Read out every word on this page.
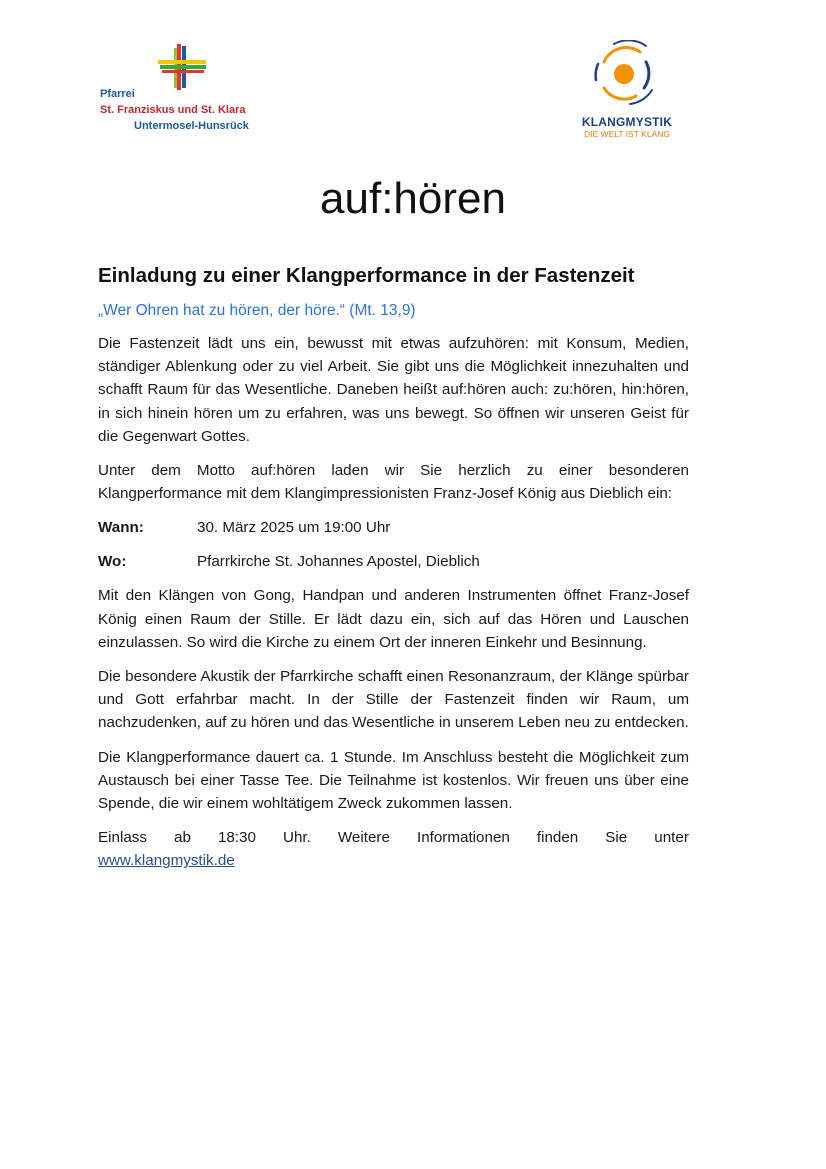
Pfarrei
St. Franziskus und St. Klara
Untermosel-Hunsrück	KLANGMYSTIK
DIE WELT IST KLANG
auf:hören
Einladung zu einer Klangperformance in der Fastenzeit
„Wer Ohren hat zu hören, der höre.“ (Mt. 13,9)

Die Fastenzeit lädt uns ein, bewusst mit etwas aufzuhören: mit Konsum, Medien, ständiger Ablenkung oder zu viel Arbeit. Sie gibt uns die Möglichkeit innezuhalten und schafft Raum für das Wesentliche. Daneben heißt auf:hören auch: zu:hören, hin:hören, in sich hinein hören um zu erfahren, was uns bewegt. So öffnen wir unseren Geist für die Gegenwart Gottes.

Unter dem Motto auf:hören laden wir Sie herzlich zu einer besonderen Klangperformance mit dem Klangimpressionisten Franz-Josef König aus Dieblich ein:

Wann:	30. März 2025 um 19:00 Uhr
Wo:	Pfarrkirche St. Johannes Apostel, Dieblich

Mit den Klängen von Gong, Handpan und anderen Instrumenten öffnet Franz-Josef König einen Raum der Stille. Er lädt dazu ein, sich auf das Hören und Lauschen einzulassen. So wird die Kirche zu einem Ort der inneren Einkehr und Besinnung.

Die besondere Akustik der Pfarrkirche schafft einen Resonanzraum, der Klänge spürbar und Gott erfahrbar macht. In der Stille der Fastenzeit finden wir Raum, um nachzudenken, auf zu hören und das Wesentliche in unserem Leben neu zu entdecken.

Die Klangperformance dauert ca. 1 Stunde. Im Anschluss besteht die Möglichkeit zum Austausch bei einer Tasse Tee. Die Teilnahme ist kostenlos. Wir freuen uns über eine Spende, die wir einem wohltätigem Zweck zukommen lassen.

Einlass ab 18:30 Uhr. Weitere Informationen finden Sie unter
www.klangmystik.de
